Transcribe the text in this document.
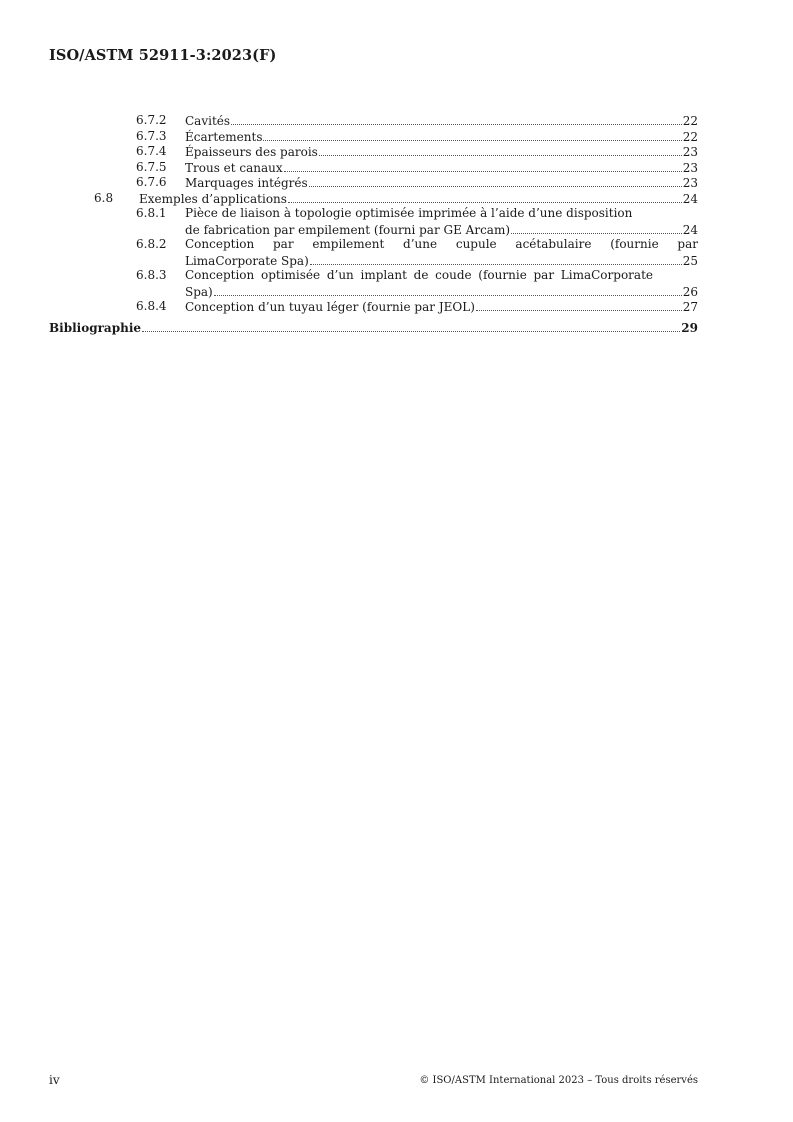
ISO/ASTM 52911-3:2023(F)
6.7.2 Cavités	22
6.7.3 Écartements	22
6.7.4 Épaisseurs des parois	23
6.7.5 Trous et canaux	23
6.7.6 Marquages intégrés	23
6.8 Exemples d’applications	24
6.8.1 Pièce de liaison à topologie optimisée imprimée à l’aide d’une disposition
de fabrication par empilement (fourni par GE Arcam)	24
6.8.2 Conception par empilement d’une cupule acétabulaire (fournie par
LimaCorporate Spa)	25
6.8.3 Conception optimisée d’un implant de coude (fournie par LimaCorporate
Spa)	26
6.8.4 Conception d’un tuyau léger (fournie par JEOL)	27
Bibliographie	29
iv	© ISO/ASTM International 2023 – Tous droits réservés
